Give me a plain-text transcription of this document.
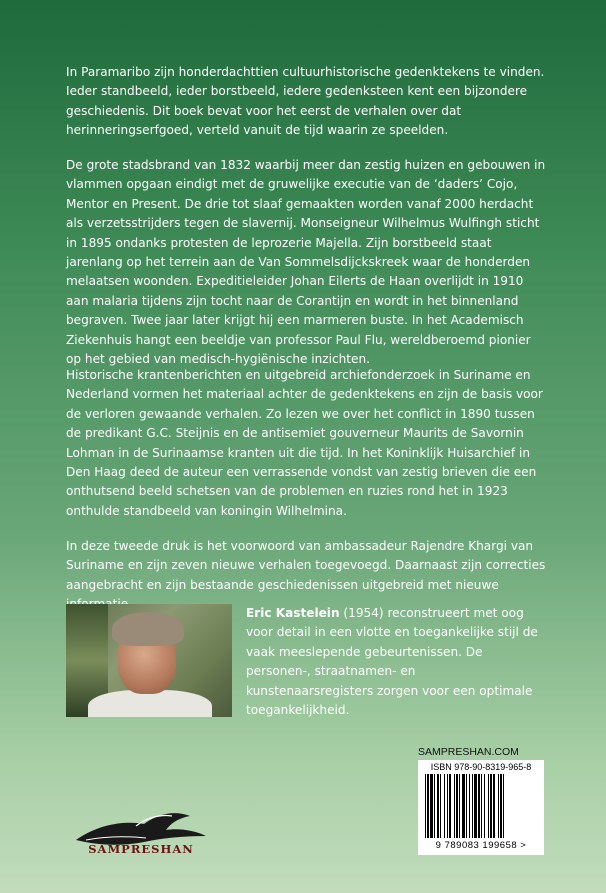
In Paramaribo zijn honderdachttien cultuurhistorische gedenktekens te vinden. Ieder standbeeld, ieder borstbeeld, iedere gedenksteen kent een bijzondere geschiedenis. Dit boek bevat voor het eerst de verhalen over dat herinneringserfgoed, verteld vanuit de tijd waarin ze speelden.

De grote stadsbrand van 1832 waarbij meer dan zestig huizen en gebouwen in vlammen opgaan eindigt met de gruwelijke executie van de ‘daders’ Cojo, Mentor en Present. De drie tot slaaf gemaakten worden vanaf 2000 herdacht als verzetsstrijders tegen de slavernij. Monseigneur Wilhelmus Wulfingh sticht in 1895 ondanks protesten de leprozerie Majella. Zijn borstbeeld staat jarenlang op het terrein aan de Van Sommelsdijckskreek waar de honderden melaatsen woonden. Expeditieleider Johan Eilerts de Haan overlijdt in 1910 aan malaria tijdens zijn tocht naar de Corantijn en wordt in het binnenland begraven. Twee jaar later krijgt hij een marmeren buste. In het Academisch Ziekenhuis hangt een beeldje van professor Paul Flu, wereldberoemd pionier op het gebied van medisch-hygiënische inzichten.

Historische krantenberichten en uitgebreid archiefonderzoek in Suriname en Nederland vormen het materiaal achter de gedenktekens en zijn de basis voor de verloren gewaande verhalen. Zo lezen we over het conflict in 1890 tussen de predikant G.C. Steijnis en de antisemiet gouverneur Maurits de Savornin Lohman in de Surinaamse kranten uit die tijd. In het Koninklijk Huisarchief in Den Haag deed de auteur een verrassende vondst van zestig brieven die een onthutsend beeld schetsen van de problemen en ruzies rond het in 1923 onthulde standbeeld van koningin Wilhelmina.

In deze tweede druk is het voorwoord van ambassadeur Rajendre Khargi van Suriname en zijn zeven nieuwe verhalen toegevoegd. Daarnaast zijn correcties aangebracht en zijn bestaande geschiedenissen uitgebreid met nieuwe

Eric Kastelein (1954) reconstrueert met oog voor detail in een vlotte en toegankelijke stijl de vaak meeslepende gebeurtenissen. De personen-, straatnamen- en kunstenaarsregisters zorgen voor een optimale toegankelijkheid.
SAMPRESHAN
SAMPRESHAN.COM
ISBN 978-90-8319-965-8
9 789083 199658 >
